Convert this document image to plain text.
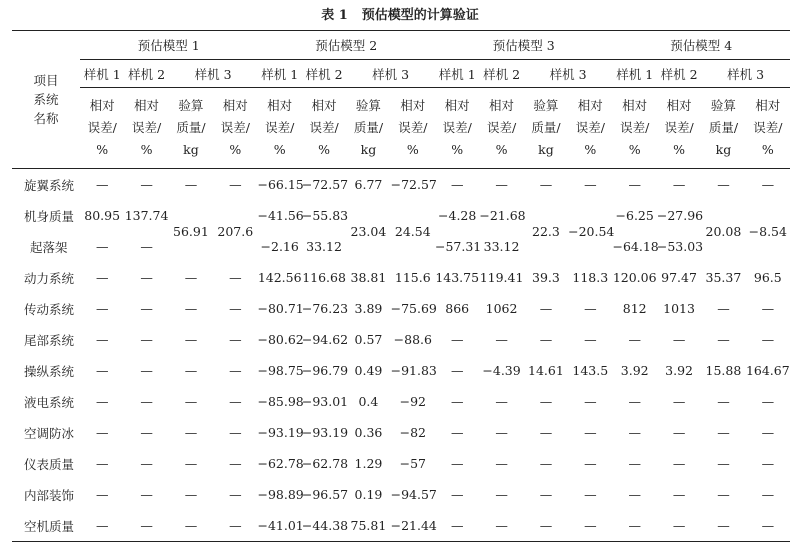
表 1 预估模型的计算验证
项目
系统
名称	预估模型 1				预估模型 2				预估模型 3				预估模型 4			
	样机 1	样机 2	样机 3		样机 1	样机 2	样机 3		样机 1	样机 2	样机 3		样机 1	样机 2	样机 3	
	相对
误差/
%	相对
误差/
%	验算
质量/
kg	相对
误差/
%	相对
误差/
%	相对
误差/
%	验算
质量/
kg	相对
误差/
%	相对
误差/
%	相对
误差/
%	验算
质量/
kg	相对
误差/
%	相对
误差/
%	相对
误差/
%	验算
质量/
kg	相对
误差/
%
旋翼系统	—	—	—	—	−66.15	−72.57	6.77	−72.57	—	—	—	—	—	—	—	—
机身质量	80.95	137.74	56.91	207.6	−41.56	−55.83	23.04	24.54	−4.28	−21.68	22.3	−20.54	−6.25	−27.96	20.08	−8.54
起落架	—	—			−2.16	33.12			−57.31	33.12			−64.18	−53.03		
动力系统	—	—	—	—	142.56	116.68	38.81	115.6	143.75	119.41	39.3	118.3	120.06	97.47	35.37	96.5
传动系统	—	—	—	—	−80.71	−76.23	3.89	−75.69	866	1062	—	—	812	1013	—	—
尾部系统	—	—	—	—	−80.62	−94.62	0.57	−88.6	—	—	—	—	—	—	—	—
操纵系统	—	—	—	—	−98.75	−96.79	0.49	−91.83	—	−4.39	14.61	143.5	3.92	3.92	15.88	164.67
液电系统	—	—	—	—	−85.98	−93.01	0.4	−92	—	—	—	—	—	—	—	—
空调防冰	—	—	—	—	−93.19	−93.19	0.36	−82	—	—	—	—	—	—	—	—
仪表质量	—	—	—	—	−62.78	−62.78	1.29	−57	—	—	—	—	—	—	—	—
内部装饰	—	—	—	—	−98.89	−96.57	0.19	−94.57	—	—	—	—	—	—	—	—
空机质量	—	—	—	—	−41.01	−44.38	75.81	−21.44	—	—	—	—	—	—	—	—
